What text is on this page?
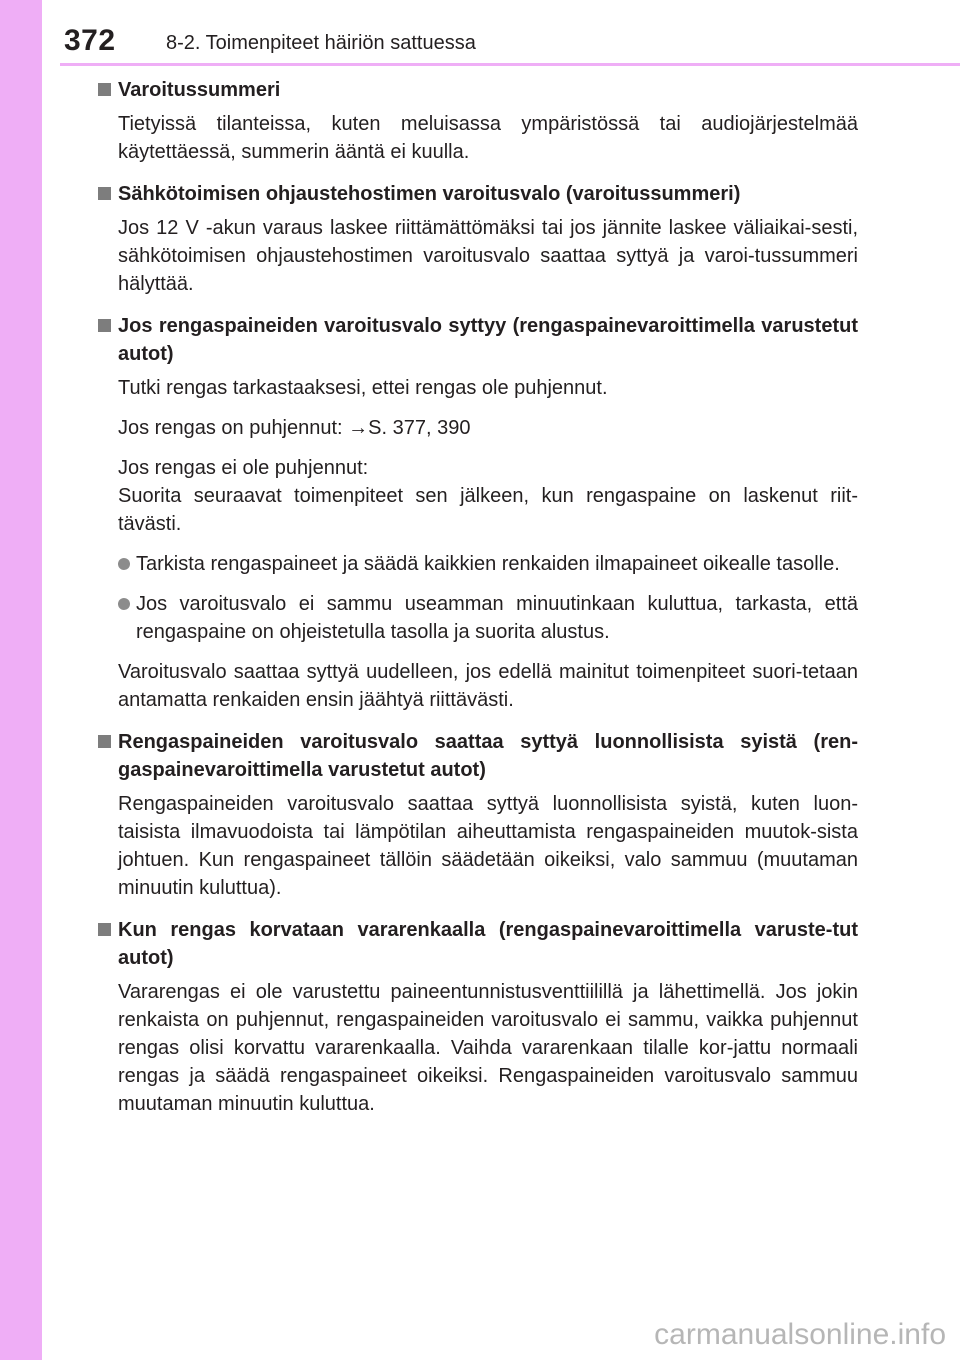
372	8-2. Toimenpiteet häiriön sattuessa
Varoitussummeri
Tietyissä tilanteissa, kuten meluisassa ympäristössä tai audiojärjestelmää käytettäessä, summerin ääntä ei kuulla.
Sähkötoimisen ohjaustehostimen varoitusvalo (varoitussummeri)
Jos 12 V -akun varaus laskee riittämättömäksi tai jos jännite laskee väliaikai-sesti, sähkötoimisen ohjaustehostimen varoitusvalo saattaa syttyä ja varoi-tussummeri hälyttää.
Jos rengaspaineiden varoitusvalo syttyy (rengaspainevaroittimella varustetut autot)
Tutki rengas tarkastaaksesi, ettei rengas ole puhjennut.
Jos rengas on puhjennut: →S. 377, 390
Jos rengas ei ole puhjennut:
Suorita seuraavat toimenpiteet sen jälkeen, kun rengaspaine on laskenut riit-tävästi.
Tarkista rengaspaineet ja säädä kaikkien renkaiden ilmapaineet oikealle tasolle.
Jos varoitusvalo ei sammu useamman minuutinkaan kuluttua, tarkasta, että rengaspaine on ohjeistetulla tasolla ja suorita alustus.
Varoitusvalo saattaa syttyä uudelleen, jos edellä mainitut toimenpiteet suori-tetaan antamatta renkaiden ensin jäähtyä riittävästi.
Rengaspaineiden varoitusvalo saattaa syttyä luonnollisista syistä (ren-gaspainevaroittimella varustetut autot)
Rengaspaineiden varoitusvalo saattaa syttyä luonnollisista syistä, kuten luon-taisista ilmavuodoista tai lämpötilan aiheuttamista rengaspaineiden muutok-sista johtuen. Kun rengaspaineet tällöin säädetään oikeiksi, valo sammuu (muutaman minuutin kuluttua).
Kun rengas korvataan vararenkaalla (rengaspainevaroittimella varuste-tut autot)
Vararengas ei ole varustettu paineentunnistusventtiilillä ja lähettimellä. Jos jokin renkaista on puhjennut, rengaspaineiden varoitusvalo ei sammu, vaikka puhjennut rengas olisi korvattu vararenkaalla. Vaihda vararenkaan tilalle kor-jattu normaali rengas ja säädä rengaspaineet oikeiksi. Rengaspaineiden varoitusvalo sammuu muutaman minuutin kuluttua.
carmanualsonline.info
